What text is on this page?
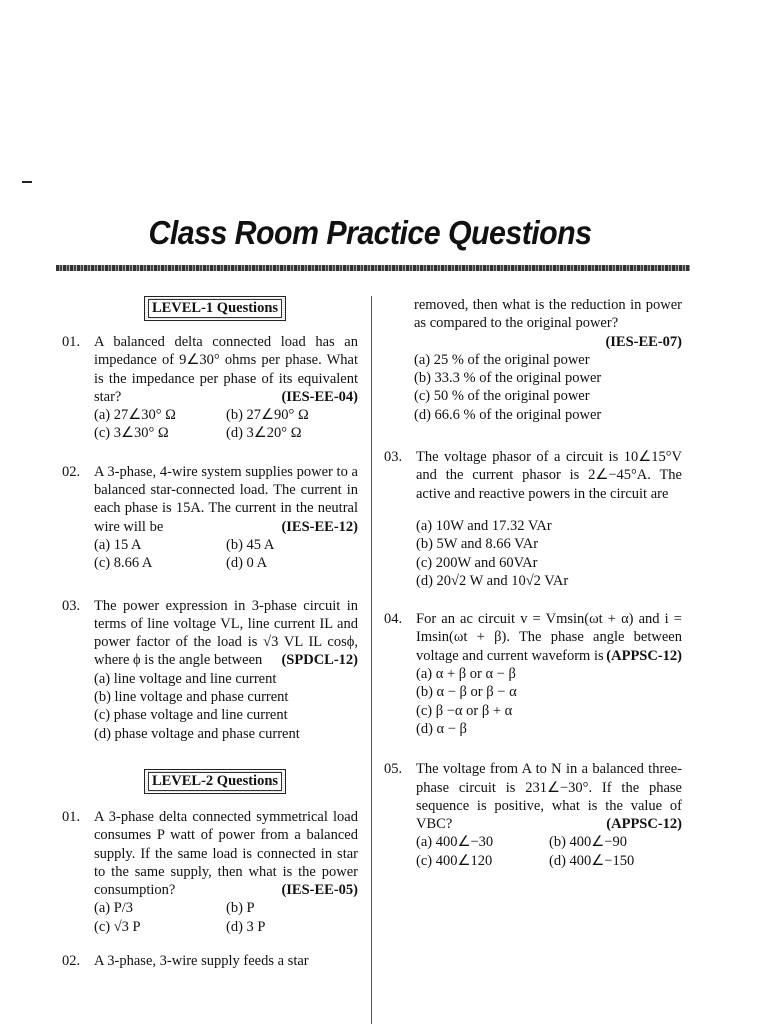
Class Room Practice Questions
LEVEL-1 Questions
01. A balanced delta connected load has an impedance of 9∠30° ohms per phase. What is the impedance per phase of its equivalent star?	(IES-EE-04)
(a) 27∠30° Ω	(b) 27∠90° Ω
(c) 3∠30° Ω	(d) 3∠20° Ω
02. A 3-phase, 4-wire system supplies power to a balanced star-connected load. The current in each phase is 15A. The current in the neutral wire will be	(IES-EE-12)
(a) 15 A	(b) 45 A
(c) 8.66 A	(d) 0 A
03. The power expression in 3-phase circuit in terms of line voltage VL, line current IL and power factor of the load is √3 VL IL cosϕ, where ϕ is the angle between (SPDCL-12)
(a) line voltage and line current
(b) line voltage and phase current
(c) phase voltage and line current
(d) phase voltage and phase current
LEVEL-2 Questions
01. A 3-phase delta connected symmetrical load consumes P watt of power from a balanced supply. If the same load is connected in star to the same supply, then what is the power consumption?	(IES-EE-05)
(a) P/3	(b) P
(c) √3 P	(d) 3 P
02. A 3-phase, 3-wire supply feeds a star
removed, then what is the reduction in power as compared to the original power?
(IES-EE-07)
(a) 25 % of the original power
(b) 33.3 % of the original power
(c) 50 % of the original power
(d) 66.6 % of the original power
03. The voltage phasor of a circuit is 10∠15°V and the current phasor is 2∠−45°A. The active and reactive powers in the circuit are
(a) 10W and 17.32 VAr
(b) 5W and 8.66 VAr
(c) 200W and 60VAr
(d) 20√2 W and 10√2 VAr
04. For an ac circuit v = Vmsin(ωt + α) and i = Imsin(ωt + β). The phase angle between voltage and current waveform is (APPSC-12)
(a) α + β or α − β
(b) α − β or β − α
(c) β −α or β + α
(d) α − β
05. The voltage from A to N in a balanced three-phase circuit is 231∠−30°. If the phase sequence is positive, what is the value of VBC?	(APPSC-12)
(a) 400∠−30	(b) 400∠−90
(c) 400∠120	(d) 400∠−150
